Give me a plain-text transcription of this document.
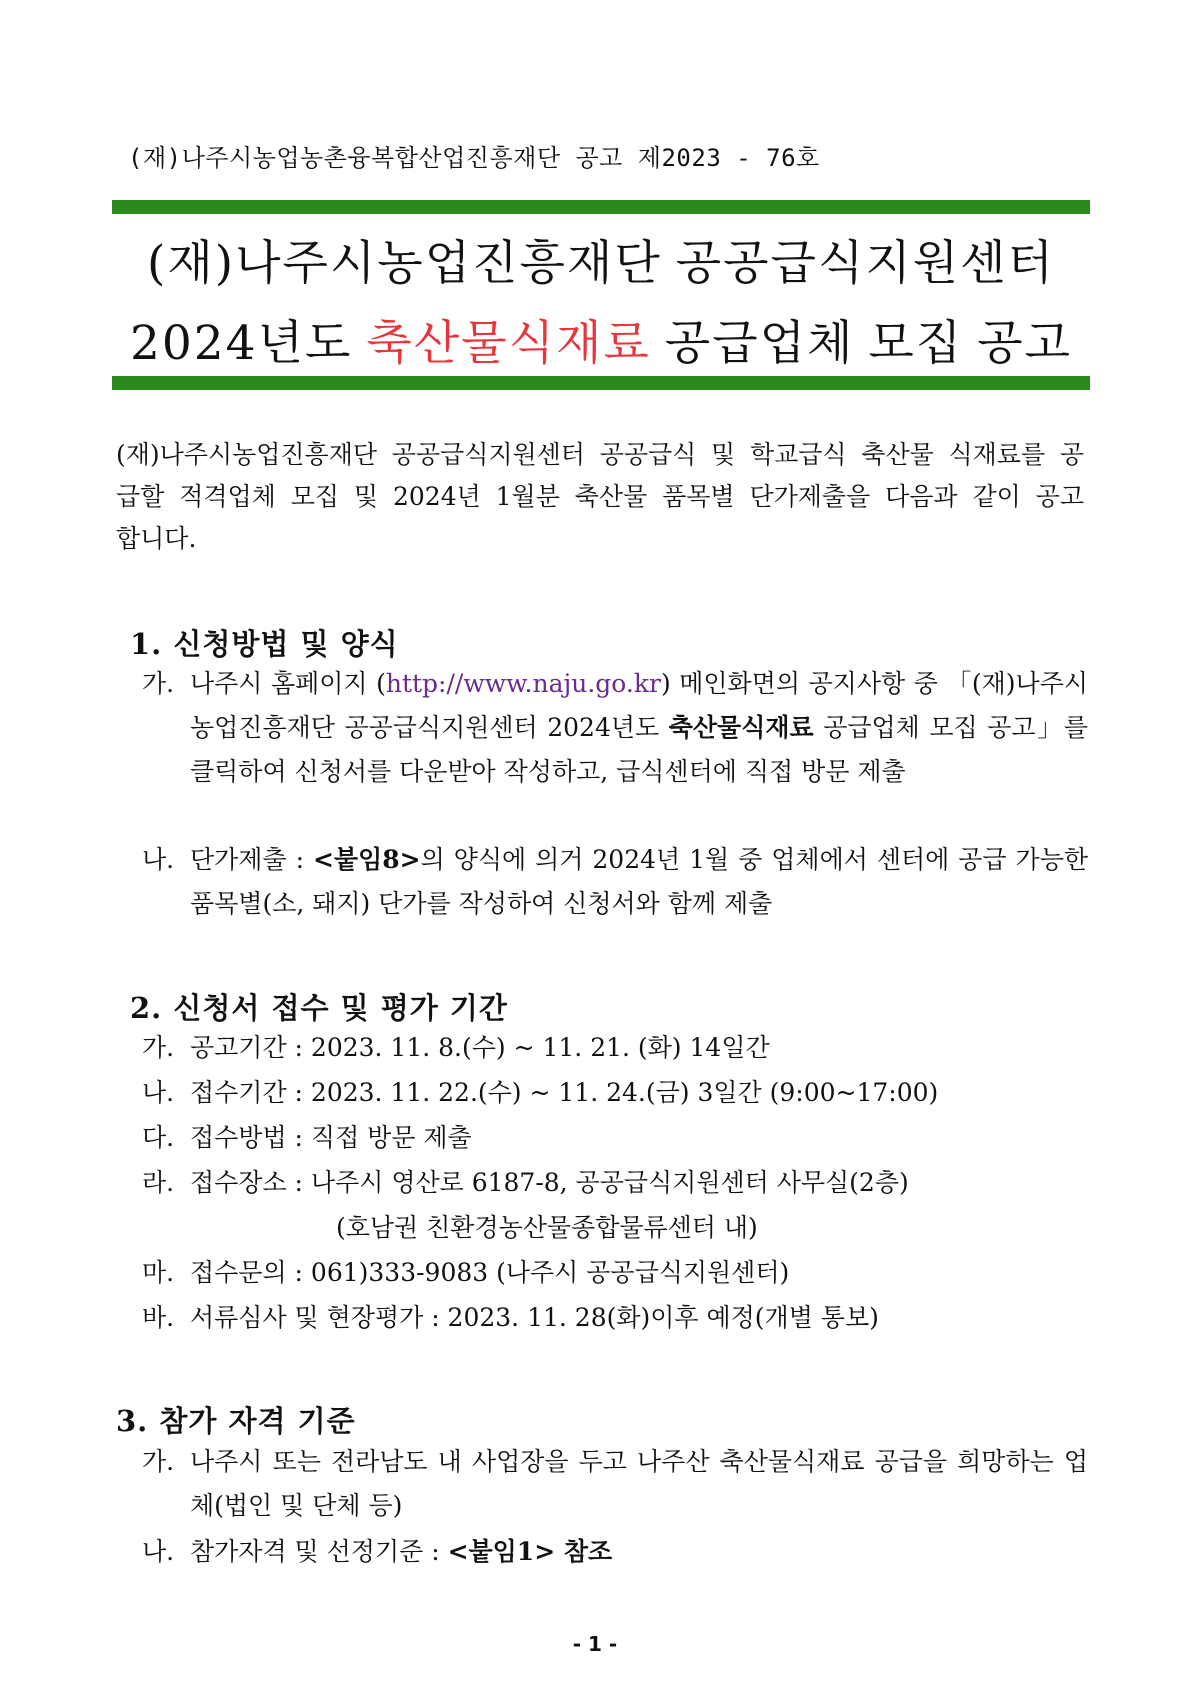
(재)나주시농업농촌융복합산업진흥재단 공고 제2023 - 76호
(재)나주시농업진흥재단 공공급식지원센터
2024년도 축산물식재료 공급업체 모집 공고
(재)나주시농업진흥재단 공공급식지원센터 공공급식 및 학교급식 축산물 식재료를 공급할 적격업체 모집 및 2024년 1월분 축산물 품목별 단가제출을 다음과 같이 공고합니다.
1. 신청방법 및 양식
가. 나주시 홈페이지 (http://www.naju.go.kr) 메인화면의 공지사항 중 「(재)나주시농업진흥재단 공공급식지원센터 2024년도 축산물식재료 공급업체 모집 공고」를 클릭하여 신청서를 다운받아 작성하고, 급식센터에 직접 방문 제출
나. 단가제출 : <붙임8>의 양식에 의거 2024년 1월 중 업체에서 센터에 공급 가능한 품목별(소, 돼지) 단가를 작성하여 신청서와 함께 제출
2. 신청서 접수 및 평가 기간
가. 공고기간 : 2023. 11. 8.(수) ~ 11. 21. (화) 14일간
나. 접수기간 : 2023. 11. 22.(수) ~ 11. 24.(금) 3일간 (9:00~17:00)
다. 접수방법 : 직접 방문 제출
라. 접수장소 : 나주시 영산로 6187-8, 공공급식지원센터 사무실(2층)
(호남권 친환경농산물종합물류센터 내)
마. 접수문의 : 061)333-9083 (나주시 공공급식지원센터)
바. 서류심사 및 현장평가 : 2023. 11. 28(화)이후 예정(개별 통보)
3. 참가 자격 기준
가. 나주시 또는 전라남도 내 사업장을 두고 나주산 축산물식재료 공급을 희망하는 업체(법인 및 단체 등)
나. 참가자격 및 선정기준 : <붙임1> 참조
- 1 -
